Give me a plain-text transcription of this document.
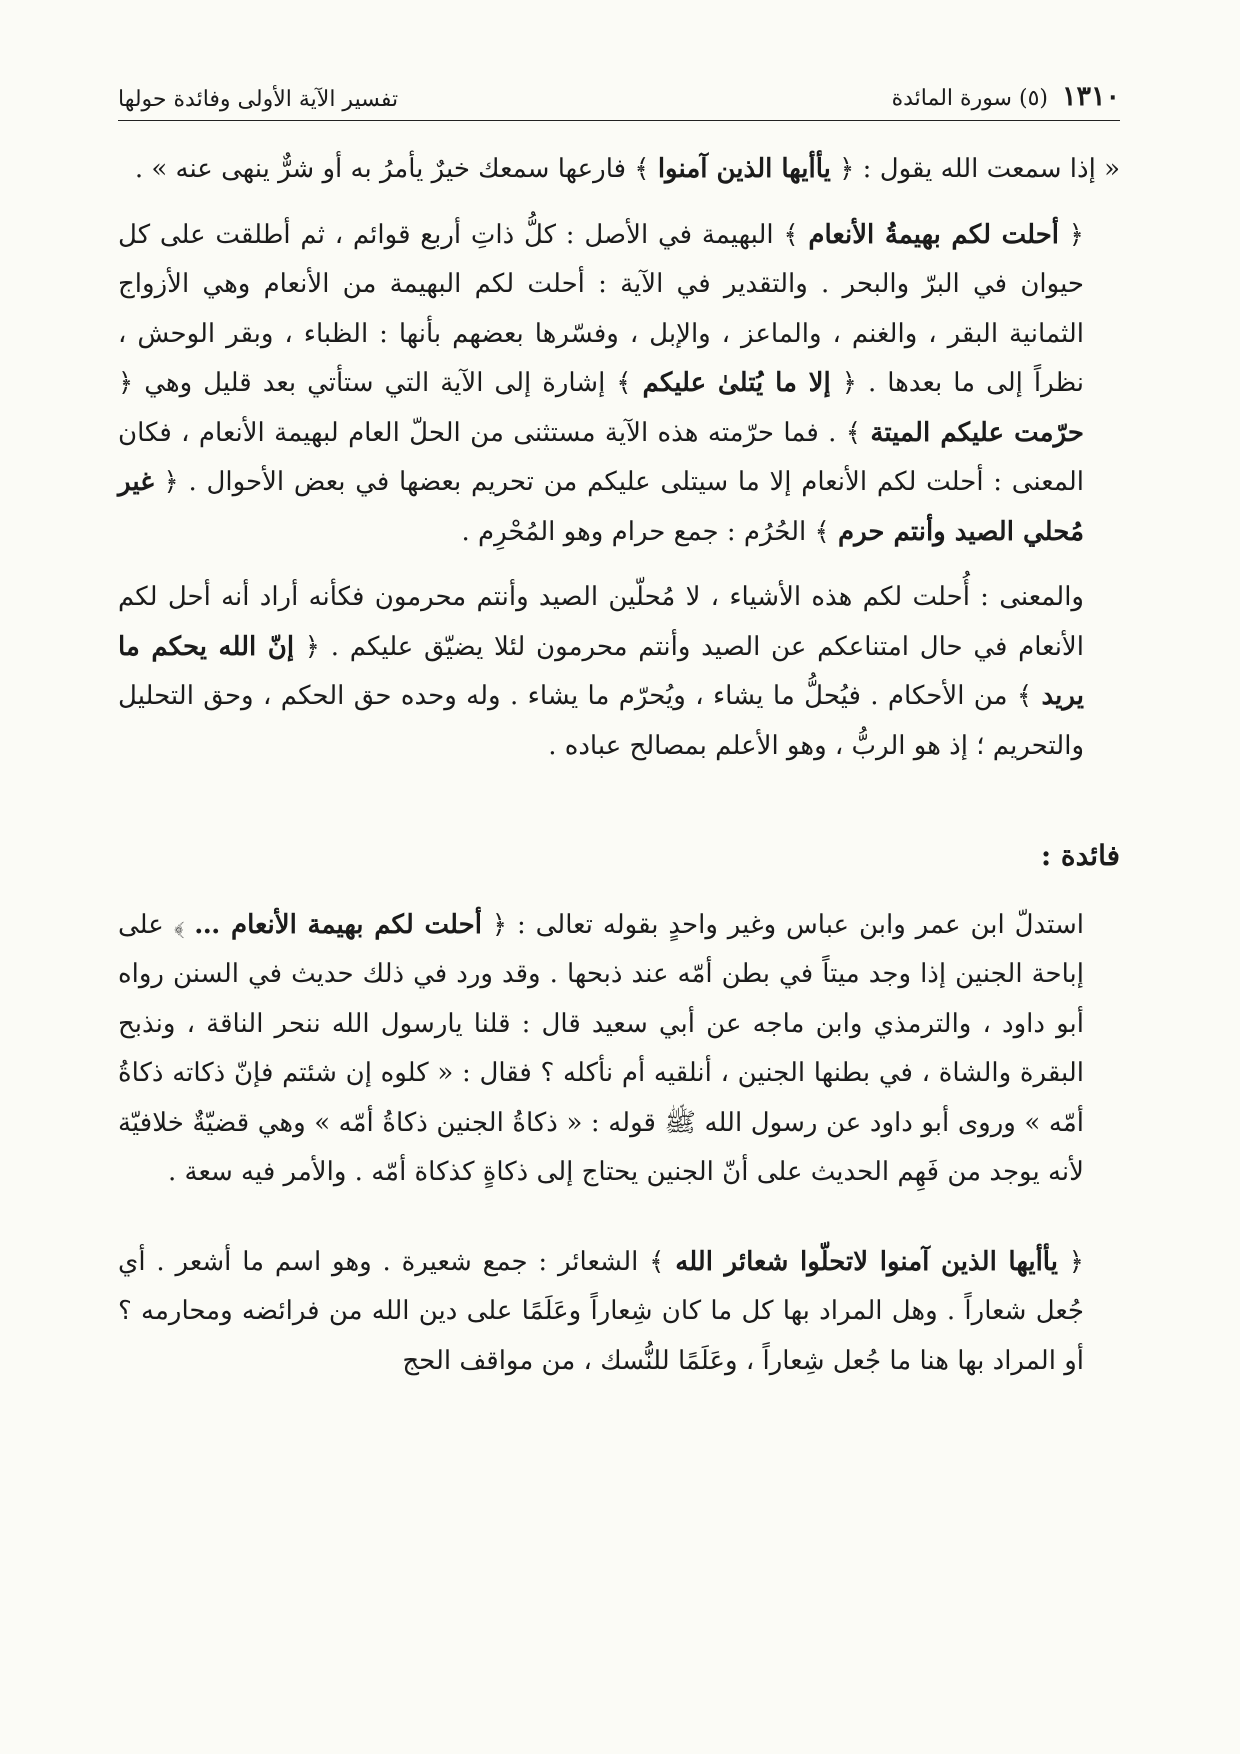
١٣١٠(٥) سورة المائدة
تفسير الآية الأولى وفائدة حولها

« إذا سمعت الله يقول : ﴿ يأأيها الذين آمنوا ﴾ فارعها سمعك خيرٌ يأمرُ به أو شرٌّ ينهى عنه » .

﴿ أحلت لكم بهيمةُ الأنعام ﴾ البهيمة في الأصل : كلُّ ذاتِ أربع قوائم ، ثم أطلقت على كل حيوان في البرّ والبحر . والتقدير في الآية : أحلت لكم البهيمة من الأنعام وهي الأزواج الثمانية البقر ، والغنم ، والماعز ، والإبل ، وفسّرها بعضهم بأنها : الظباء ، وبقر الوحش ، نظراً إلى ما بعدها . ﴿ إلا ما يُتلىٰ عليكم ﴾ إشارة إلى الآية التي ستأتي بعد قليل وهي ﴿ حرّمت عليكم الميتة ﴾ . فما حرّمته هذه الآية مستثنى من الحلّ العام لبهيمة الأنعام ، فكان المعنى : أحلت لكم الأنعام إلا ما سيتلى عليكم من تحريم بعضها في بعض الأحوال . ﴿ غير مُحلي الصيد وأنتم حرم ﴾ الحُرُم : جمع حرام وهو المُحْرِم .

والمعنى : أُحلت لكم هذه الأشياء ، لا مُحلّين الصيد وأنتم محرمون فكأنه أراد أنه أحل لكم الأنعام في حال امتناعكم عن الصيد وأنتم محرمون لئلا يضيّق عليكم . ﴿ إنّ الله يحكم ما يريد ﴾ من الأحكام . فيُحلُّ ما يشاء ، ويُحرّم ما يشاء . وله وحده حق الحكم ، وحق التحليل والتحريم ؛ إذ هو الربُّ ، وهو الأعلم بمصالح عباده .

فائدة :

استدلّ ابن عمر وابن عباس وغير واحدٍ بقوله تعالى : ﴿ أحلت لكم بهيمة الأنعام … ﴾ على إباحة الجنين إذا وجد ميتاً في بطن أمّه عند ذبحها . وقد ورد في ذلك حديث في السنن رواه أبو داود ، والترمذي وابن ماجه عن أبي سعيد قال : قلنا يارسول الله ننحر الناقة ، ونذبح البقرة والشاة ، في بطنها الجنين ، أنلقيه أم نأكله ؟ فقال : « كلوه إن شئتم فإنّ ذكاته ذكاةُ أمّه » وروى أبو داود عن رسول الله ﷺ قوله : « ذكاةُ الجنين ذكاةُ أمّه » وهي قضيّةٌ خلافيّة لأنه يوجد من فَهِم الحديث على أنّ الجنين يحتاج إلى ذكاةٍ كذكاة أمّه . والأمر فيه سعة .

﴿ يأأيها الذين آمنوا لاتحلّوا شعائر الله ﴾ الشعائر : جمع شعيرة . وهو اسم ما أشعر . أي جُعل شعاراً . وهل المراد بها كل ما كان شِعاراً وعَلَمًا على دين الله من فرائضه ومحارمه ؟ أو المراد بها هنا ما جُعل شِعاراً ، وعَلَمًا للنُّسك ، من مواقف الحج
